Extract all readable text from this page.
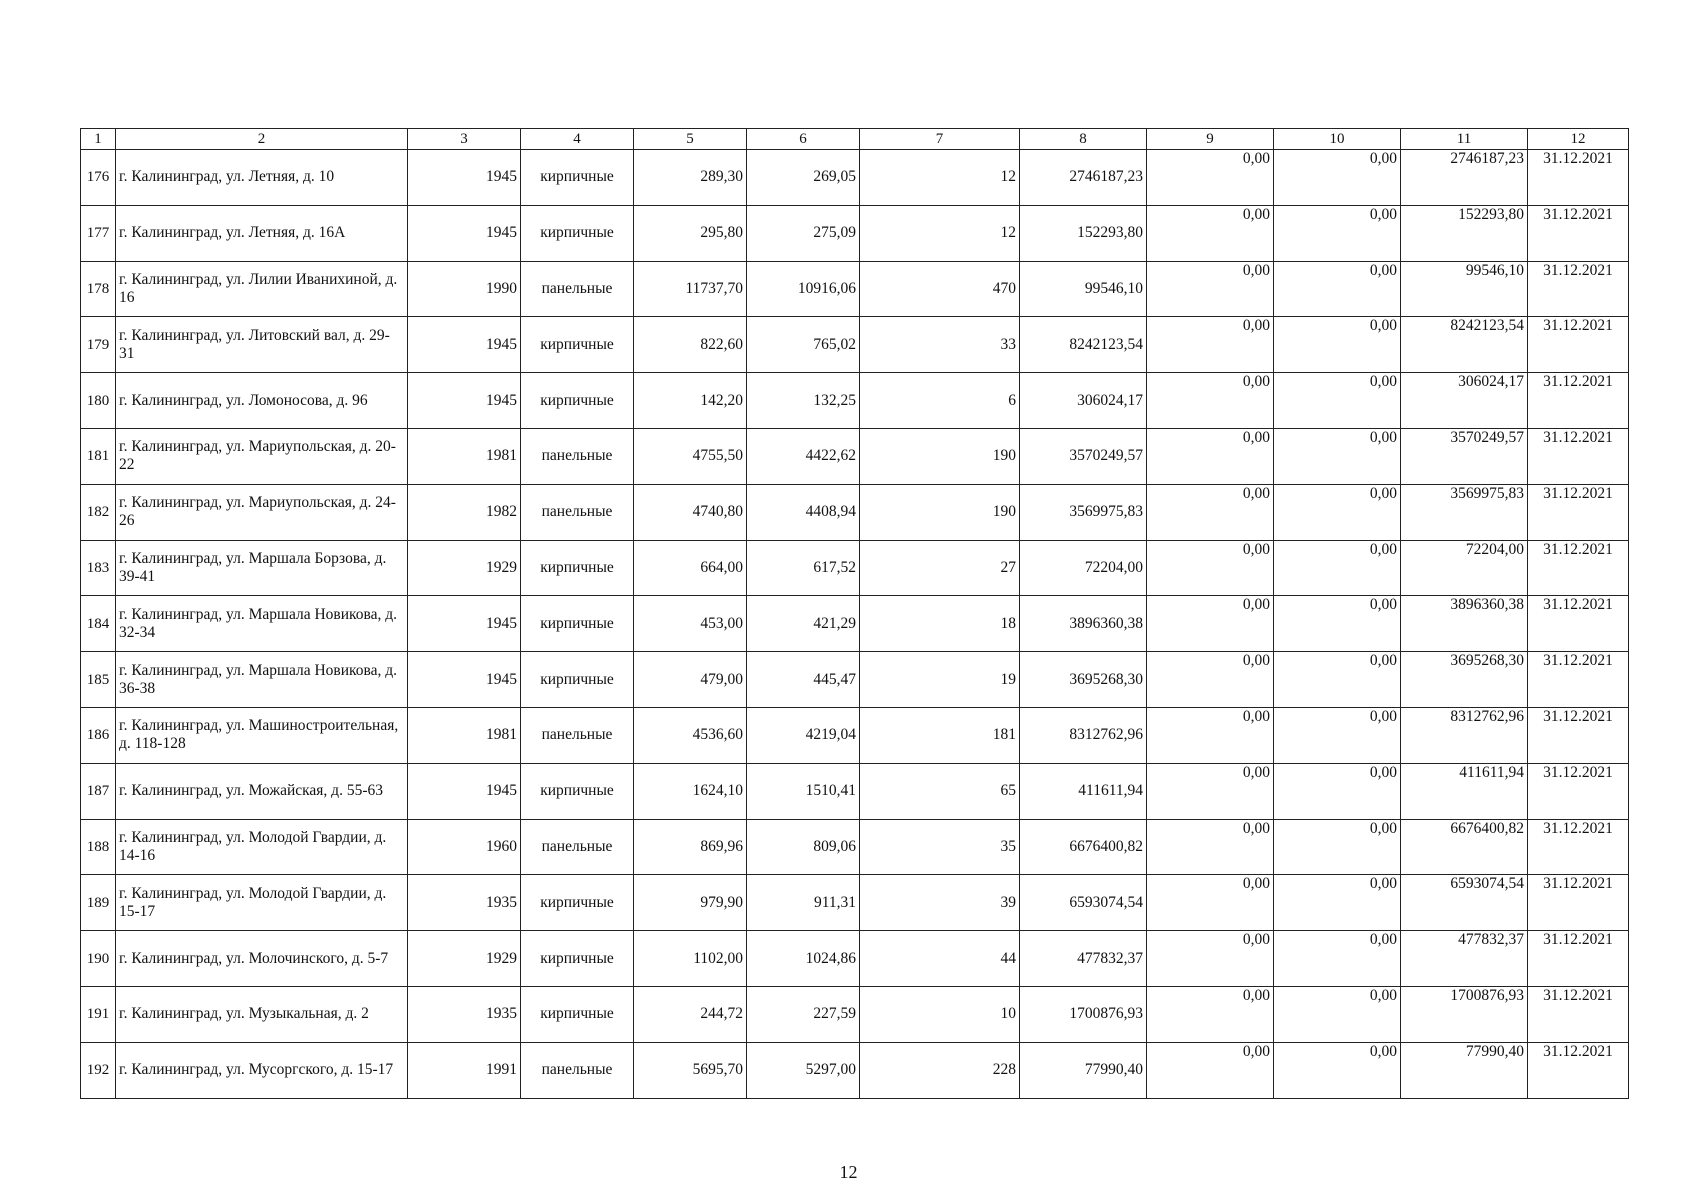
1	2	3	4	5	6	7	8	9	10	11	12
176	г. Калининград, ул. Летняя, д. 10	1945	кирпичные	289,30	269,05	12	2746187,23	0,00	0,00	2746187,23	31.12.2021
177	г. Калининград, ул. Летняя, д. 16А	1945	кирпичные	295,80	275,09	12	152293,80	0,00	0,00	152293,80	31.12.2021
178	г. Калининград, ул. Лилии Иванихиной, д. 16	1990	панельные	11737,70	10916,06	470	99546,10	0,00	0,00	99546,10	31.12.2021
179	г. Калининград, ул. Литовский вал, д. 29-31	1945	кирпичные	822,60	765,02	33	8242123,54	0,00	0,00	8242123,54	31.12.2021
180	г. Калининград, ул. Ломоносова, д. 96	1945	кирпичные	142,20	132,25	6	306024,17	0,00	0,00	306024,17	31.12.2021
181	г. Калининград, ул. Мариупольская, д. 20-22	1981	панельные	4755,50	4422,62	190	3570249,57	0,00	0,00	3570249,57	31.12.2021
182	г. Калининград, ул. Мариупольская, д. 24-26	1982	панельные	4740,80	4408,94	190	3569975,83	0,00	0,00	3569975,83	31.12.2021
183	г. Калининград, ул. Маршала Борзова, д. 39-41	1929	кирпичные	664,00	617,52	27	72204,00	0,00	0,00	72204,00	31.12.2021
184	г. Калининград, ул. Маршала Новикова, д. 32-34	1945	кирпичные	453,00	421,29	18	3896360,38	0,00	0,00	3896360,38	31.12.2021
185	г. Калининград, ул. Маршала Новикова, д. 36-38	1945	кирпичные	479,00	445,47	19	3695268,30	0,00	0,00	3695268,30	31.12.2021
186	г. Калининград, ул. Машиностроительная, д. 118-128	1981	панельные	4536,60	4219,04	181	8312762,96	0,00	0,00	8312762,96	31.12.2021
187	г. Калининград, ул. Можайская, д. 55-63	1945	кирпичные	1624,10	1510,41	65	411611,94	0,00	0,00	411611,94	31.12.2021
188	г. Калининград, ул. Молодой Гвардии, д. 14-16	1960	панельные	869,96	809,06	35	6676400,82	0,00	0,00	6676400,82	31.12.2021
189	г. Калининград, ул. Молодой Гвардии, д. 15-17	1935	кирпичные	979,90	911,31	39	6593074,54	0,00	0,00	6593074,54	31.12.2021
190	г. Калининград, ул. Молочинского, д. 5-7	1929	кирпичные	1102,00	1024,86	44	477832,37	0,00	0,00	477832,37	31.12.2021
191	г. Калининград, ул. Музыкальная, д. 2	1935	кирпичные	244,72	227,59	10	1700876,93	0,00	0,00	1700876,93	31.12.2021
192	г. Калининград, ул. Мусоргского, д. 15-17	1991	панельные	5695,70	5297,00	228	77990,40	0,00	0,00	77990,40	31.12.2021
12
